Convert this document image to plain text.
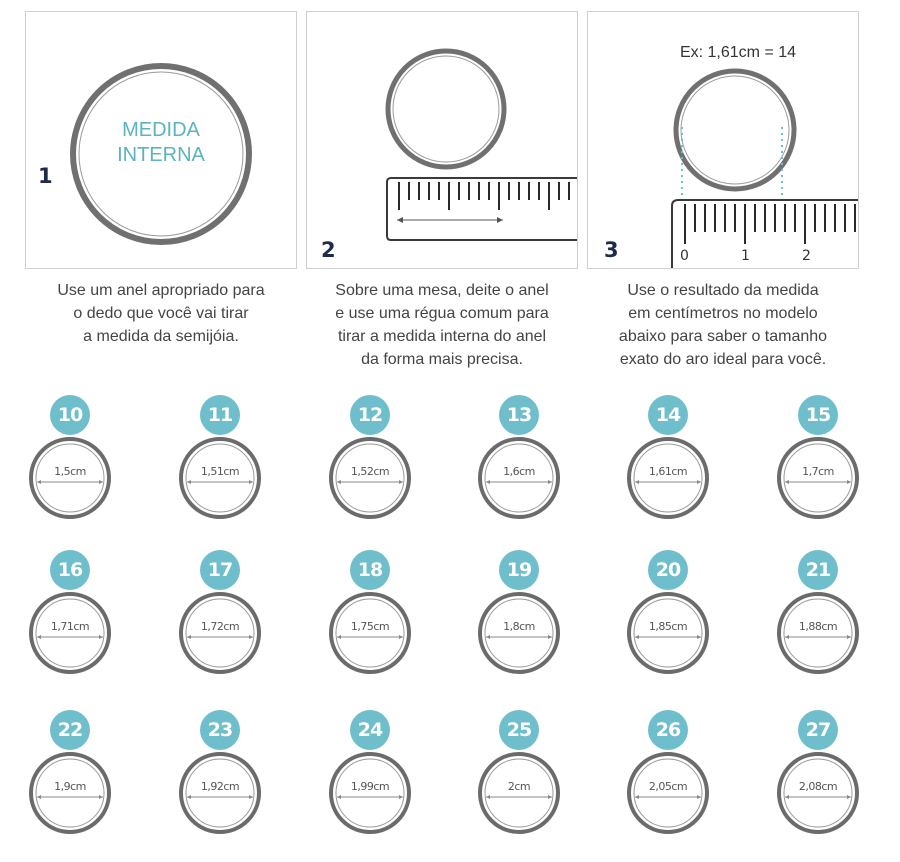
MEDIDA
INTERNA
1
2
Ex: 1,61cm = 14
0	1	2
3
Use um anel apropriado para
o dedo que você vai tirar
a medida da semijóia.
Sobre uma mesa, deite o anel
e use uma régua comum para
tirar a medida interna do anel
da forma mais precisa.
Use o resultado da medida
em centímetros no modelo
abaixo para saber o tamanho
exato do aro ideal para você.
10
1,5cm
11
1,51cm
12
1,52cm
13
1,6cm
14
1,61cm
15
1,7cm
16
1,71cm
17
1,72cm
18
1,75cm
19
1,8cm
20
1,85cm
21
1,88cm
22
1,9cm
23
1,92cm
24
1,99cm
25
2cm
26
2,05cm
27
2,08cm
